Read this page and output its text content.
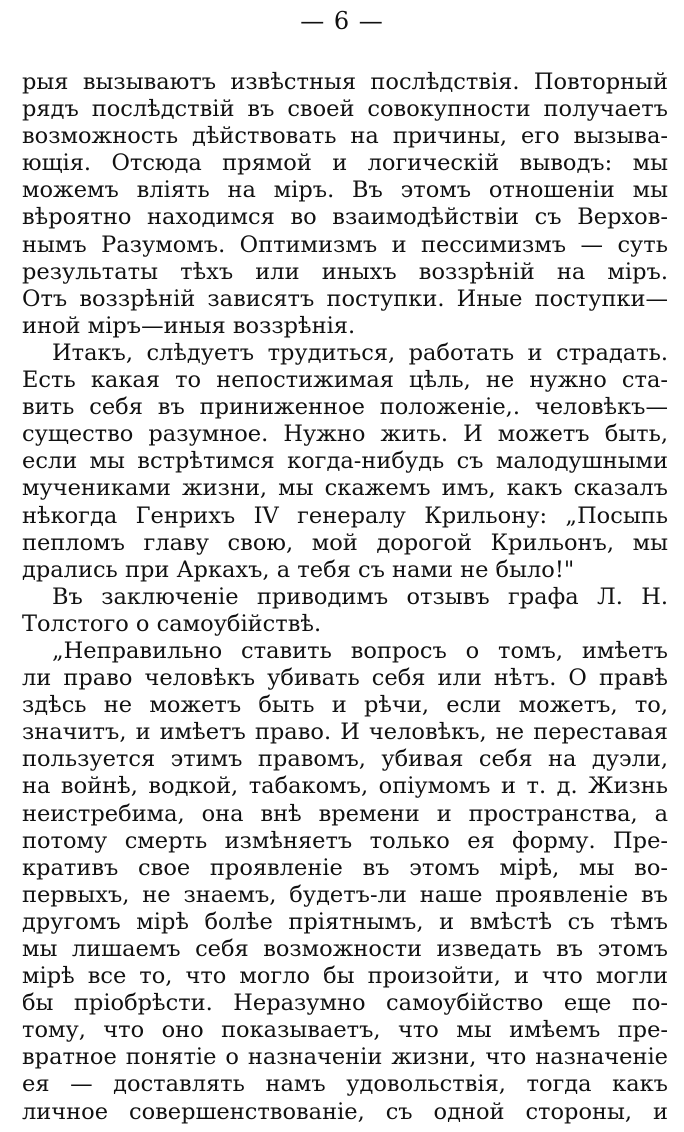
— 6 —
рыя вызываютъ извѣстныя послѣдствія. Повторный
рядъ послѣдствій въ своей совокупности получаетъ
возможность дѣйствовать на причины, его вызыва-
ющія. Отсюда прямой и логическій выводъ: мы
можемъ влiять на міръ. Въ этомъ отношеніи мы
вѣроятно находимся во взаимодѣйствіи съ Верхов-
нымъ Разумомъ. Оптимизмъ и пессимизмъ — суть
результаты тѣхъ или иныхъ воззрѣній на міръ.
Отъ воззрѣній зависятъ поступки. Иные поступки—
иной міръ—иныя воззрѣнія.
Итакъ, слѣдуетъ трудиться, работать и страдать.
Есть какая то непостижимая цѣль, не нужно ста-
вить себя въ приниженное положеніе,. человѣкъ—
существо разумное. Нужно жить. И можетъ быть,
если мы встрѣтимся когда-нибудь съ малодушными
мучениками жизни, мы скажемъ имъ, какъ сказалъ
нѣкогда Генрихъ IV генералу Крильону: „Посыпь
пепломъ главу свою, мой дорогой Крильонъ, мы
дрались при Аркахъ, а тебя съ нами не было!"
Въ заключеніе приводимъ отзывъ графа Л. Н.
Толстого о самоубійствѣ.
„Неправильно ставить вопросъ о томъ, имѣетъ
ли право человѣкъ убивать себя или нѣтъ. О правѣ
здѣсь не можетъ быть и рѣчи, если можетъ, то,
значитъ, и имѣетъ право. И человѣкъ, не переставая
пользуется этимъ правомъ, убивая себя на дуэли,
на войнѣ, водкой, табакомъ, опiумомъ и т. д. Жизнь
неистребима, она внѣ времени и пространства, а
потому смерть измѣняетъ только ея форму. Пре-
кративъ свое проявленіе въ этомъ мірѣ, мы во-
первыхъ, не знаемъ, будетъ-ли наше проявленіе въ
другомъ мірѣ болѣе пріятнымъ, и вмѣстѣ съ тѣмъ
мы лишаемъ себя возможности изведать въ этомъ
мірѣ все то, что могло бы произойти, и что могли
бы пріобрѣсти. Неразумно самоубійство еще по-
тому, что оно показываетъ, что мы имѣемъ пре-
вратное понятіе о назначеніи жизни, что назначеніе
ея — доставлять намъ удовольствія, тогда какъ
личное совершенствованіе, съ одной стороны, и
